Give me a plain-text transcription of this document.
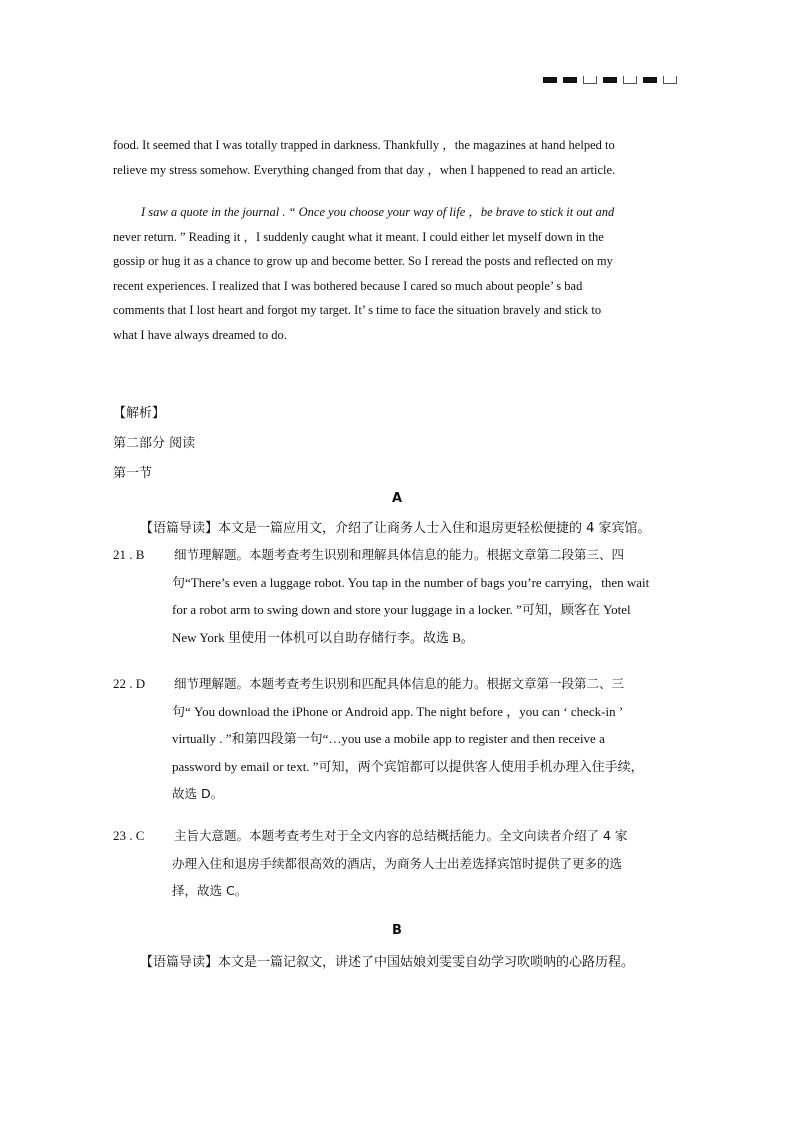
food. It seemed that I was totally trapped in darkness. Thankfully ，the magazines at hand helped to
relieve my stress somehow. Everything changed from that day ，when I happened to read an article.
I saw a quote in the journal . “ Once you choose your way of life ，be brave to stick it out and
never return. ” Reading it ，I suddenly caught what it meant. I could either let myself down in the
gossip or hug it as a chance to grow up and become better. So I reread the posts and reflected on my
recent experiences. I realized that I was bothered because I cared so much about people’ s bad
comments that I lost heart and forgot my target. It’ s time to face the situation bravely and stick to
what I have always dreamed to do.
【解析】
第二部分 阅读
第一节
A
【语篇导读】本文是一篇应用文，介绍了让商务人士入住和退房更轻松便捷的 4 家宾馆。
21 . B 细节理解题。本题考查考生识别和理解具体信息的能力。根据文章第二段第三、四
句“There’s even a luggage robot. You tap in the number of bags you’re carrying，then wait
for a robot arm to swing down and store your luggage in a locker. ”可知，顾客在 Yotel
New York 里使用一体机可以自助存储行李。故选 B。
22 . D 细节理解题。本题考查考生识别和匹配具体信息的能力。根据文章第一段第二、三
句“ You download the iPhone or Android app. The night before ，you can ‘ check-in ’
virtually . ”和第四段第一句“…you use a mobile app to register and then receive a
password by email or text. ”可知，两个宾馆都可以提供客人使用手机办理入住手续，
故选 D。
23 . C 主旨大意题。本题考查考生对于全文内容的总结概括能力。全文向读者介绍了 4 家
办理入住和退房手续都很高效的酒店，为商务人士出差选择宾馆时提供了更多的选
择，故选 C。
B
【语篇导读】本文是一篇记叙文，讲述了中国姑娘刘雯雯自幼学习吹唢呐的心路历程。
